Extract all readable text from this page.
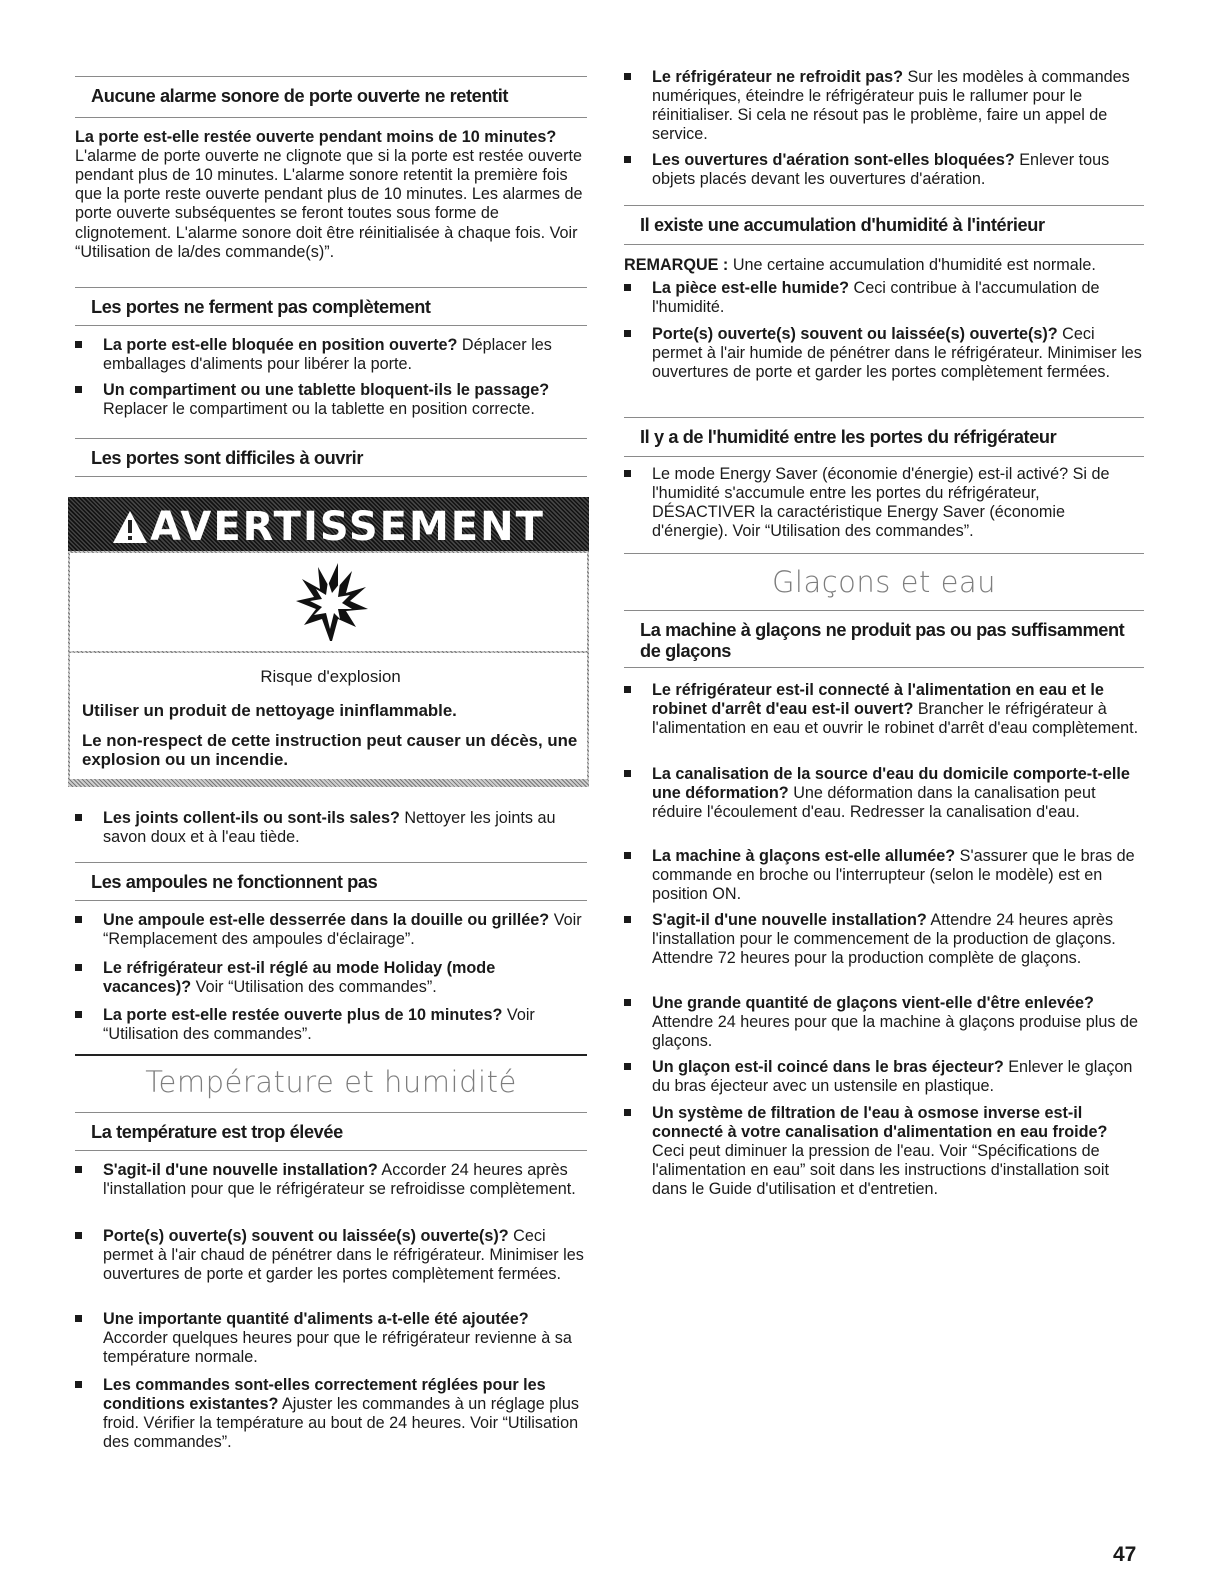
Aucune alarme sonore de porte ouverte ne retentit
La porte est-elle restée ouverte pendant moins de 10 minutes? L'alarme de porte ouverte ne clignote que si la porte est restée ouverte pendant plus de 10 minutes. L'alarme sonore retentit la première fois que la porte reste ouverte pendant plus de 10 minutes. Les alarmes de porte ouverte subséquentes se feront toutes sous forme de clignotement. L'alarme sonore doit être réinitialisée à chaque fois. Voir “Utilisation de la/des commande(s)”.
Les portes ne ferment pas complètement
La porte est-elle bloquée en position ouverte? Déplacer les emballages d'aliments pour libérer la porte.
Un compartiment ou une tablette bloquent-ils le passage? Replacer le compartiment ou la tablette en position correcte.
Les portes sont difficiles à ouvrir
AVERTISSEMENT
Risque d'explosion
Utiliser un produit de nettoyage ininflammable.
Le non-respect de cette instruction peut causer un décès, une explosion ou un incendie.
Les joints collent-ils ou sont-ils sales? Nettoyer les joints au savon doux et à l'eau tiède.
Les ampoules ne fonctionnent pas
Une ampoule est-elle desserrée dans la douille ou grillée? Voir “Remplacement des ampoules d'éclairage”.
Le réfrigérateur est-il réglé au mode Holiday (mode vacances)? Voir “Utilisation des commandes”.
La porte est-elle restée ouverte plus de 10 minutes? Voir “Utilisation des commandes”.
Température et humidité
La température est trop élevée
S'agit-il d'une nouvelle installation? Accorder 24 heures après l'installation pour que le réfrigérateur se refroidisse complètement.
Porte(s) ouverte(s) souvent ou laissée(s) ouverte(s)? Ceci permet à l'air chaud de pénétrer dans le réfrigérateur. Minimiser les ouvertures de porte et garder les portes complètement fermées.
Une importante quantité d'aliments a-t-elle été ajoutée? Accorder quelques heures pour que le réfrigérateur revienne à sa température normale.
Les commandes sont-elles correctement réglées pour les conditions existantes? Ajuster les commandes à un réglage plus froid. Vérifier la température au bout de 24 heures. Voir “Utilisation des commandes”.
Le réfrigérateur ne refroidit pas? Sur les modèles à commandes numériques, éteindre le réfrigérateur puis le rallumer pour le réinitialiser. Si cela ne résout pas le problème, faire un appel de service.
Les ouvertures d'aération sont-elles bloquées? Enlever tous objets placés devant les ouvertures d'aération.
Il existe une accumulation d'humidité à l'intérieur
REMARQUE : Une certaine accumulation d'humidité est normale.
La pièce est-elle humide? Ceci contribue à l'accumulation de l'humidité.
Porte(s) ouverte(s) souvent ou laissée(s) ouverte(s)? Ceci permet à l'air humide de pénétrer dans le réfrigérateur. Minimiser les ouvertures de porte et garder les portes complètement fermées.
Il y a de l'humidité entre les portes du réfrigérateur
Le mode Energy Saver (économie d'énergie) est-il activé? Si de l'humidité s'accumule entre les portes du réfrigérateur, DÉSACTIVER la caractéristique Energy Saver (économie d'énergie). Voir “Utilisation des commandes”.
Glaçons et eau
La machine à glaçons ne produit pas ou pas suffisamment de glaçons
Le réfrigérateur est-il connecté à l'alimentation en eau et le robinet d'arrêt d'eau est-il ouvert? Brancher le réfrigérateur à l'alimentation en eau et ouvrir le robinet d'arrêt d'eau complètement.
La canalisation de la source d'eau du domicile comporte-t-elle une déformation? Une déformation dans la canalisation peut réduire l'écoulement d'eau. Redresser la canalisation d'eau.
La machine à glaçons est-elle allumée? S'assurer que le bras de commande en broche ou l'interrupteur (selon le modèle) est en position ON.
S'agit-il d'une nouvelle installation? Attendre 24 heures après l'installation pour le commencement de la production de glaçons. Attendre 72 heures pour la production complète de glaçons.
Une grande quantité de glaçons vient-elle d'être enlevée? Attendre 24 heures pour que la machine à glaçons produise plus de glaçons.
Un glaçon est-il coincé dans le bras éjecteur? Enlever le glaçon du bras éjecteur avec un ustensile en plastique.
Un système de filtration de l'eau à osmose inverse est-il connecté à votre canalisation d'alimentation en eau froide? Ceci peut diminuer la pression de l'eau. Voir “Spécifications de l'alimentation en eau” soit dans les instructions d'installation soit dans le Guide d'utilisation et d'entretien.
47
